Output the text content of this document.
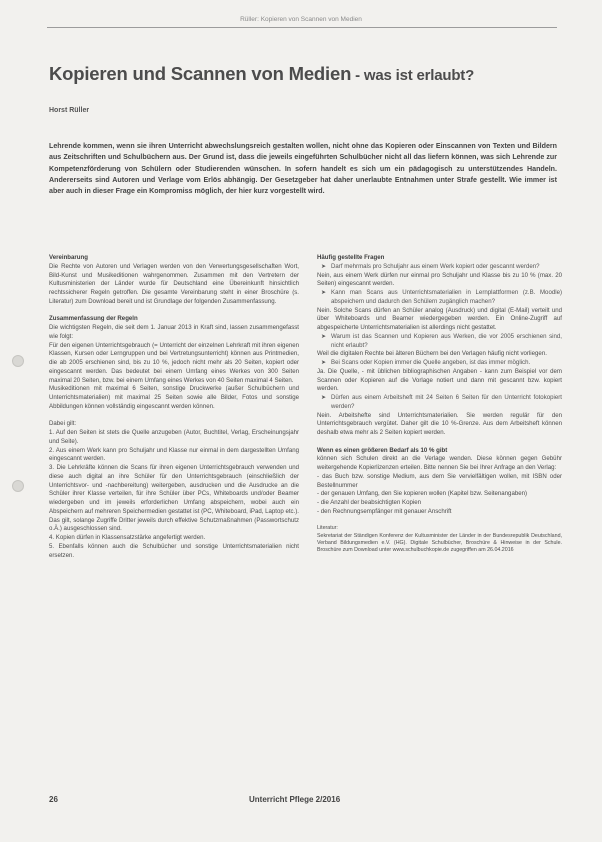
Rüller: Kopieren von Scannen von Medien
Kopieren und Scannen von Medien - was ist erlaubt?
Horst Rüller
Lehrende kommen, wenn sie ihren Unterricht abwechslungsreich gestalten wollen, nicht ohne das Kopieren oder Einscannen von Texten und Bildern aus Zeitschriften und Schulbüchern aus. Der Grund ist, dass die jeweils eingeführten Schulbücher nicht all das liefern können, was sich Lehrende zur Kompetenzförderung von Schülern oder Studierenden wünschen. In sofern handelt es sich um ein pädagogisch zu unterstützendes Handeln. Andererseits sind Autoren und Verlage vom Erlös abhängig. Der Gesetzgeber hat daher unerlaubte Entnahmen unter Strafe gestellt. Wie immer ist aber auch in dieser Frage ein Kompromiss möglich, der hier kurz vorgestellt wird.

Vereinbarung

Die Rechte von Autoren und Verlagen werden von den Verwertungsgesellschaften Wort, Bild-Kunst und Musikeditionen wahrgenommen. Zusammen mit den Vertretern der Kultusministerien der Länder wurde für Deutschland eine Übereinkunft hinsichtlich rechtssicherer Regeln getroffen. Die gesamte Vereinbarung steht in einer Broschüre (s. Literatur) zum Download bereit und ist Grundlage der folgenden Zusammenfassung.

Zusammenfassung der Regeln

Die wichtigsten Regeln, die seit dem 1. Januar 2013 in Kraft sind, lassen zusammengefasst wie folgt:

Für den eigenen Unterrichtsgebrauch (= Unterricht der einzelnen Lehrkraft mit ihren eigenen Klassen, Kursen oder Lerngruppen und bei Vertretungsunterricht) können aus Printmedien, die ab 2005 erschienen sind, bis zu 10 %, jedoch nicht mehr als 20 Seiten, kopiert oder eingescannt werden. Das bedeutet bei einem Umfang eines Werkes von 300 Seiten maximal 20 Seiten, bzw. bei einem Umfang eines Werkes von 40 Seiten maximal 4 Seiten.

Musikeditionen mit maximal 6 Seiten, sonstige Druckwerke (außer Schulbüchern und Unterrichtsmaterialien) mit maximal 25 Seiten sowie alle Bilder, Fotos und sonstige Abbildungen können vollständig eingescannt werden können.

Dabei gilt:

1. Auf den Seiten ist stets die Quelle anzugeben (Autor, Buchtitel, Verlag, Erscheinungsjahr und Seite).

2. Aus einem Werk kann pro Schuljahr und Klasse nur einmal in dem dargestellten Umfang eingescannt werden.

3. Die Lehrkräfte können die Scans für ihren eigenen Unterrichtsgebrauch verwenden und diese auch digital an ihre Schüler für den Unterrichtsgebrauch (einschließlich der Unterrichtsvor- und -nachbereitung) weitergeben, ausdrucken und die Ausdrucke an die Schüler ihrer Klasse verteilen, für ihre Schüler über PCs, Whiteboards und/oder Beamer wiedergeben und im jeweils erforderlichen Umfang abspeichern, wobei auch ein Abspeichern auf mehreren Speichermedien gestattet ist (PC, Whiteboard, iPad, Laptop etc.). Das gilt, solange Zugriffe Dritter jeweils durch effektive Schutzmaßnahmen (Passwortschutz o.Ä.) ausgeschlossen sind.

4. Kopien dürfen in Klassensatzstärke angefertigt werden.

5. Ebenfalls können auch die Schulbücher und sonstige Unterrichtsmaterialien nicht ersetzen.

Häufig gestellte Fragen

➤ Darf mehrmals pro Schuljahr aus einem Werk kopiert oder gescannt werden?

Nein, aus einem Werk dürfen nur einmal pro Schuljahr und Klasse bis zu 10 % (max. 20 Seiten) eingescannt werden.

➤ Kann man Scans aus Unterrichtsmaterialien in Lernplattformen (z.B. Moodle) abspeichern und dadurch den Schülern zugänglich machen?

Nein. Solche Scans dürfen an Schüler analog (Ausdruck) und digital (E-Mail) verteilt und über Whiteboards und Beamer wiedergegeben werden. Ein Online-Zugriff auf abgespeicherte Unterrichtsmaterialien ist allerdings nicht gestattet.

➤ Warum ist das Scannen und Kopieren aus Werken, die vor 2005 erschienen sind, nicht erlaubt?

Weil die digitalen Rechte bei älteren Büchern bei den Verlagen häufig nicht vorliegen.

➤ Bei Scans oder Kopien immer die Quelle angeben, ist das immer möglich.

Ja. Die Quelle, - mit üblichen bibliographischen Angaben - kann zum Beispiel vor dem Scannen oder Kopieren auf die Vorlage notiert und dann mit gescannt bzw. kopiert werden.

➤ Dürfen aus einem Arbeitsheft mit 24 Seiten 6 Seiten für den Unterricht fotokopiert werden?

Nein. Arbeitshefte sind Unterrichtsmaterialien. Sie werden regulär für den Unterrichtsgebrauch vergütet. Daher gilt die 10 %-Grenze. Aus dem Arbeitsheft können deshalb etwa mehr als 2 Seiten kopiert werden.

Wenn es einen größeren Bedarf als 10 % gibt

können sich Schulen direkt an die Verlage wenden. Diese können gegen Gebühr weitergehende Kopierlizenzen erteilen. Bitte nennen Sie bei Ihrer Anfrage an den Verlag:

- das Buch bzw. sonstige Medium, aus dem Sie vervielfältigen wollen, mit ISBN oder Bestellnummer

- der genauen Umfang, den Sie kopieren wollen (Kapitel bzw. Seitenangaben)

- die Anzahl der beabsichtigten Kopien

- den Rechnungsempfänger mit genauer Anschrift

Literatur:

Sekretariat der Ständigen Konferenz der Kultusminister der Länder in der Bundesrepublik Deutschland, Verband Bildungsmedien e.V. (HG). Digitale Schulbücher, Broschüre & Hinweise in der Schule. Broschüre zum Download unter www.schulbuchkopie.de zugegriffen am 26.04.2016

26	Unterricht Pflege 2/2016
